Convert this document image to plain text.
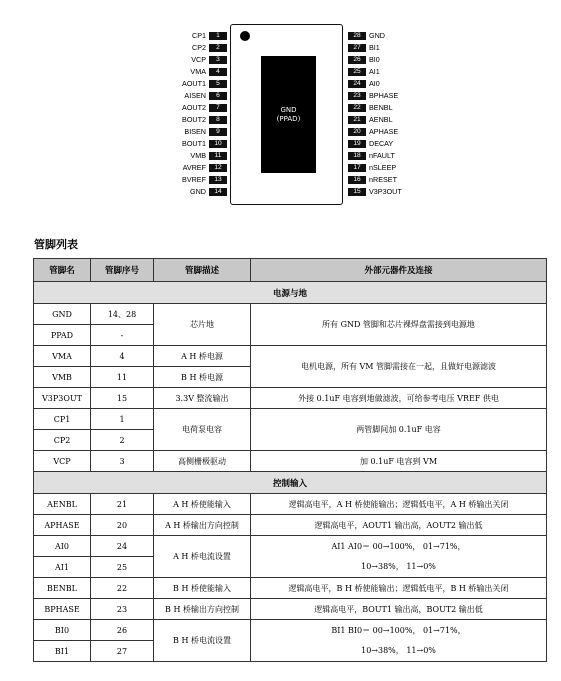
GND
(PPAD)
CP1	1
CP2	2
VCP	3
VMA	4
AOUT1	5
AISEN	6
AOUT2	7
BOUT2	8
BISEN	9
BOUT1	10
VMB	11
AVREF	12
BVREF	13
GND	14
28	GND
27	BI1
26	BI0
25	AI1
24	AI0
23	BPHASE
22	BENBL
21	AENBL
20	APHASE
19	DECAY
18	nFAULT
17	nSLEEP
16	nRESET
15	V3P3OUT
管脚列表
管脚名	管脚序号	管脚描述	外部元器件及连接
电源与地			
GND	14、28	芯片地	所有 GND 管脚和芯片裸焊盘需接到电源地
PPAD	-		
VMA	4	A H 桥电源	电机电源，所有 VM 管脚需接在一起，且做好电源滤波
VMB	11	B H 桥电源	
V3P3OUT	15	3.3V 整流输出	外接 0.1uF 电容到地做滤波，可给参考电压 VREF 供电
CP1	1	电荷泵电容	两管脚间加 0.1uF 电容
CP2	2		
VCP	3	高侧栅极驱动	加 0.1uF 电容到 VM
控制输入			
AENBL	21	A H 桥使能输入	逻辑高电平，A H 桥使能输出；逻辑低电平，A H 桥输出关闭
APHASE	20	A H 桥输出方向控制	逻辑高电平，AOUT1 输出高，AOUT2 输出低
AI0	24	A H 桥电流设置	AI1 AI0＝ 00→100%， 01→71%，
AI1	25		10→38%， 11→0%
BENBL	22	B H 桥使能输入	逻辑高电平，B H 桥使能输出；逻辑低电平，B H 桥输出关闭
BPHASE	23	B H 桥输出方向控制	逻辑高电平，BOUT1 输出高，BOUT2 输出低
BI0	26	B H 桥电流设置	BI1 BI0＝ 00→100%， 01→71%，
BI1	27		10→38%， 11→0%
